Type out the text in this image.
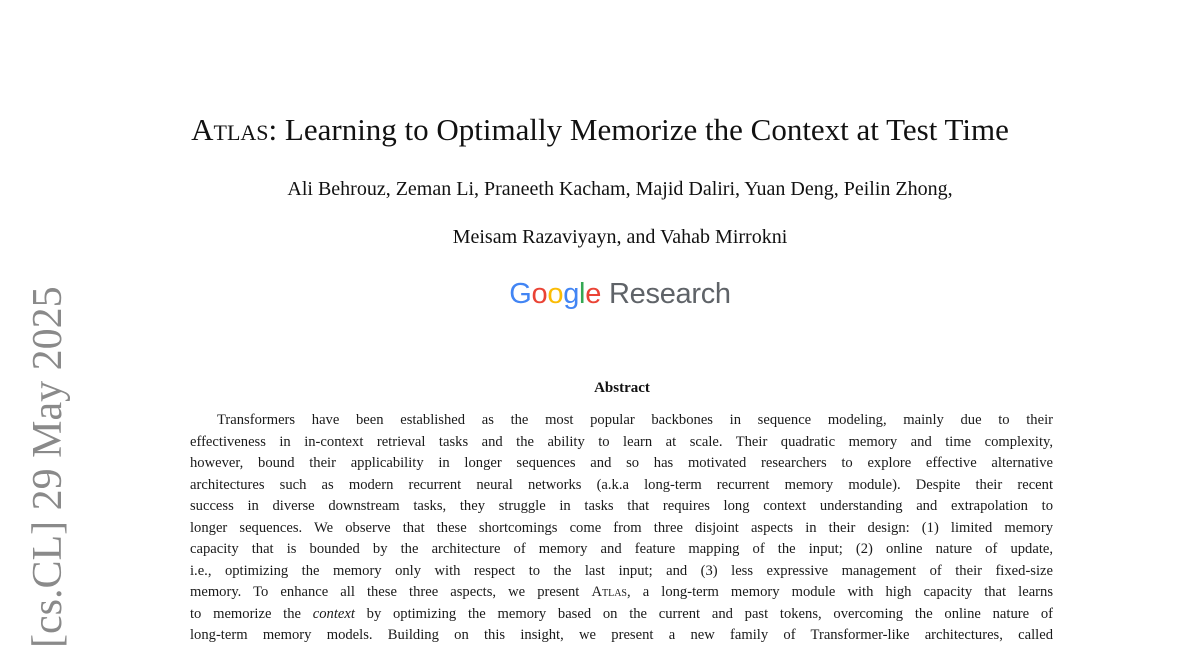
[cs.CL] 29 May 2025
Atlas: Learning to Optimally Memorize the Context at Test Time
Ali Behrouz, Zeman Li, Praneeth Kacham, Majid Daliri, Yuan Deng, Peilin Zhong,
Meisam Razaviyayn, and Vahab Mirrokni
Google Research
Abstract
Transformers have been established as the most popular backbones in sequence modeling, mainly due to their
effectiveness in in-context retrieval tasks and the ability to learn at scale. Their quadratic memory and time complexity,
however, bound their applicability in longer sequences and so has motivated researchers to explore effective alternative
architectures such as modern recurrent neural networks (a.k.a long-term recurrent memory module). Despite their recent
success in diverse downstream tasks, they struggle in tasks that requires long context understanding and extrapolation to
longer sequences. We observe that these shortcomings come from three disjoint aspects in their design: (1) limited memory
capacity that is bounded by the architecture of memory and feature mapping of the input; (2) online nature of update,
i.e., optimizing the memory only with respect to the last input; and (3) less expressive management of their fixed-size
memory. To enhance all these three aspects, we present Atlas, a long-term memory module with high capacity that learns
to memorize the context by optimizing the memory based on the current and past tokens, overcoming the online nature of
long-term memory models. Building on this insight, we present a new family of Transformer-like architectures, called
